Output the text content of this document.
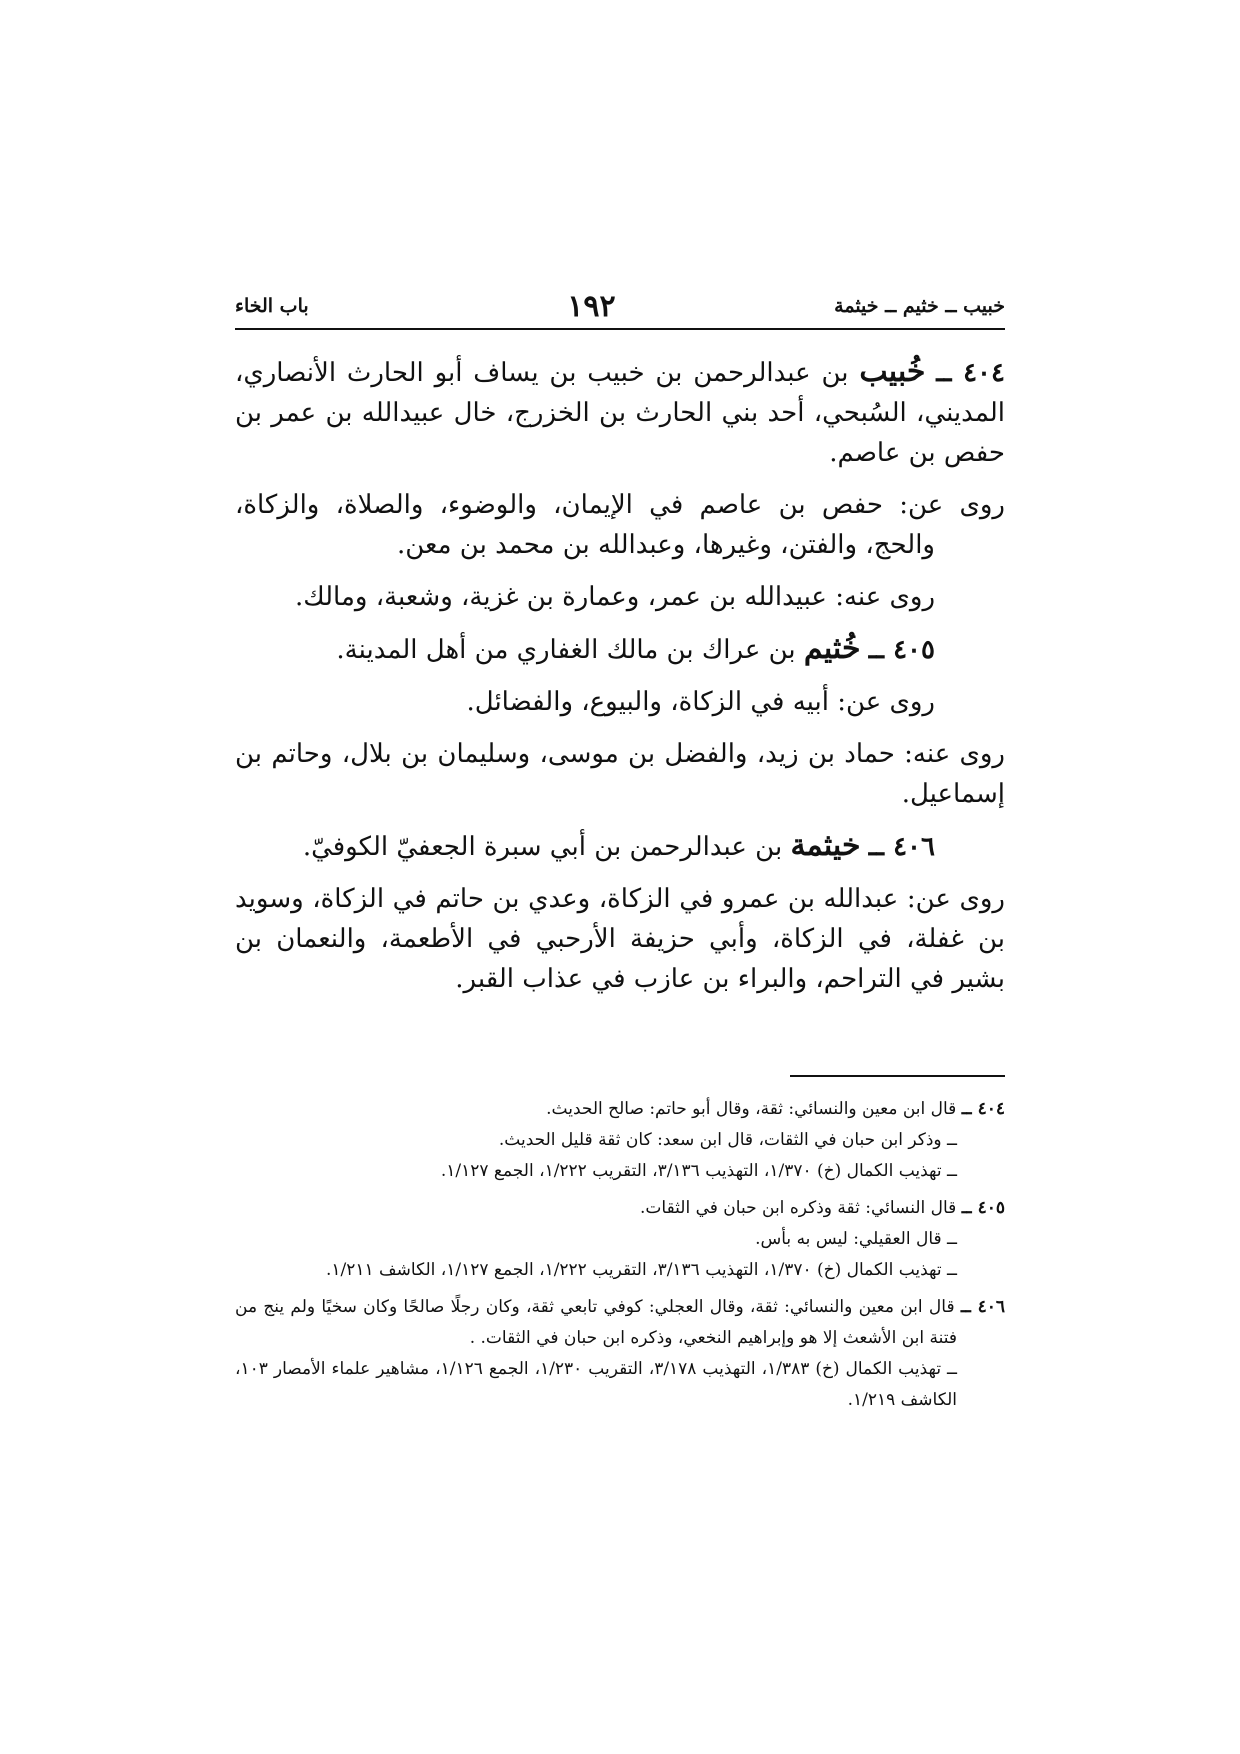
خبيب ــ خثيم ــ خيثمة
١٩٢
باب الخاء

٤٠٤ ــ خُبيب بن عبدالرحمن بن خبيب بن يساف أبو الحارث الأنصاري، المديني، السُبحي، أحد بني الحارث بن الخزرج، خال عبيدالله بن عمر بن حفص بن عاصم.

روى عن: حفص بن عاصم في الإيمان، والوضوء، والصلاة، والزكاة، والحج، والفتن، وغيرها، وعبدالله بن محمد بن معن.

روى عنه: عبيدالله بن عمر، وعمارة بن غزية، وشعبة، ومالك.

٤٠٥ ــ خُثيم بن عراك بن مالك الغفاري من أهل المدينة.

روى عن: أبيه في الزكاة، والبيوع، والفضائل.

روى عنه: حماد بن زيد، والفضل بن موسى، وسليمان بن بلال، وحاتم بن إسماعيل.

٤٠٦ ــ خيثمة بن عبدالرحمن بن أبي سبرة الجعفيّ الكوفيّ.

روى عن: عبدالله بن عمرو في الزكاة، وعدي بن حاتم في الزكاة، وسويد بن غفلة، في الزكاة، وأبي حزيفة الأرحبي في الأطعمة، والنعمان بن بشير في التراحم، والبراء بن عازب في عذاب القبر.

٤٠٤ ــ قال ابن معين والنسائي: ثقة، وقال أبو حاتم: صالح الحديث.
ــ وذكر ابن حبان في الثقات، قال ابن سعد: كان ثقة قليل الحديث.
ــ تهذيب الكمال (خ) ١/٣٧٠، التهذيب ٣/١٣٦، التقريب ١/٢٢٢، الجمع ١/١٢٧.
٤٠٥ ــ قال النسائي: ثقة وذكره ابن حبان في الثقات.
ــ قال العقيلي: ليس به بأس.
ــ تهذيب الكمال (خ) ١/٣٧٠، التهذيب ٣/١٣٦، التقريب ١/٢٢٢، الجمع ١/١٢٧، الكاشف ١/٢١١.
٤٠٦ ــ قال ابن معين والنسائي: ثقة، وقال العجلي: كوفي تابعي ثقة، وكان رجلًا صالحًا وكان سخيًا ولم ينج من فتنة ابن الأشعث إلا هو وإبراهيم النخعي، وذكره ابن حبان في الثقات. .
ــ تهذيب الكمال (خ) ١/٣٨٣، التهذيب ٣/١٧٨، التقريب ١/٢٣٠، الجمع ١/١٢٦، مشاهير علماء الأمصار ١٠٣، الكاشف ١/٢١٩.
